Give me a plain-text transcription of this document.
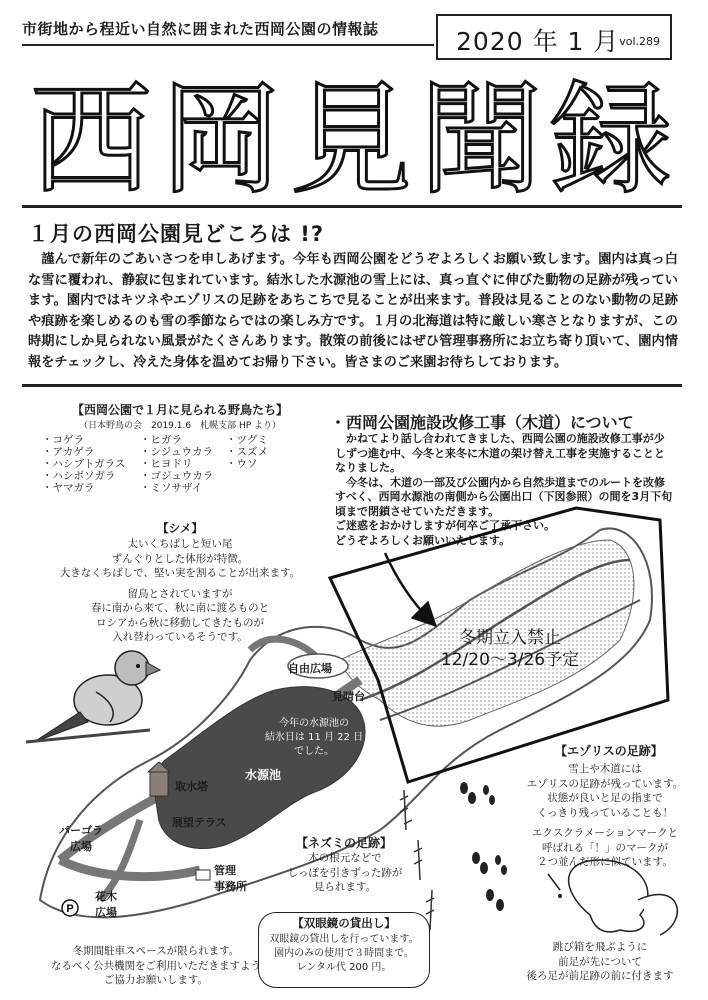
市街地から程近い自然に囲まれた西岡公園の情報誌	2020 年 1 月 vol.289
西岡見聞録
１月の西岡公園見どころは !?
謹んで新年のごあいさつを申しあげます。今年も西岡公園をどうぞよろしくお願い致します。園内は真っ白な雪に覆われ、静寂に包まれています。結氷した水源池の雪上には、真っ直ぐに伸びた動物の足跡が残っています。園内ではキツネやエゾリスの足跡をあちこちで見ることが出来ます。普段は見ることのない動物の足跡や痕跡を楽しめるのも雪の季節ならではの楽しみ方です。１月の北海道は特に厳しい寒さとなりますが、この時期にしか見られない風景がたくさんあります。散策の前後にはぜひ管理事務所にお立ち寄り頂いて、園内情報をチェックし、冷えた身体を温めてお帰り下さい。皆さまのご来園お待ちしております。
【西岡公園で１月に見られる野鳥たち】
（日本野鳥の会　2019.1.6　札幌支部 HP より）
・コゲラ
・アカゲラ
・ハシブトガラス
・ハシボソガラ
・ヤマガラ
・ヒガラ
・シジュウカラ
・ヒヨドリ
・ゴジュウカラ
・ミソサザイ
・ツグミ
・スズメ
・ウソ
・西岡公園施設改修工事（木道）について

かねてより話し合われてきました、西岡公園の施設改修工事が少しずつ進む中、今冬と来冬に木道の架け替え工事を実施することとなりました。

今冬は、木道の一部及び公園内から自然歩道までのルートを改修すべく、西岡水源池の南側から公園出口（下図参照）の間を3月下旬頃まで閉鎖させていただきます。

ご迷惑をおかけしますが何卒ご了承下さい。

どうぞよろしくお願いいたします。

P
冬期立入禁止
12/20～3/26予定
自由広場
見晴台
今年の水源池の
結氷日は 11 月 22 日
でした。
取水塔
水源池
展望テラス
パーゴラ
広場
花木
広場
管理
事務所
【シメ】
太いくちばしと短い尾
ずんぐりとした体形が特徴。
大きなくちばしで、堅い実を割ることが出来ます。
留鳥とされていますが
春に南から来て、秋に南に渡るものと
ロシアから秋に移動してきたものが
入れ替わっているそうです。
【エゾリスの足跡】
雪上や木道には
エゾリスの足跡が残っています。
状態が良いと足の指まで
くっきり残っていることも！
エクスクラメーションマークと
呼ばれる「！」のマークが
２つ並んだ形に似ています。
【ネズミの足跡】
木の根元などで
しっぽを引きずった跡が
見られます。
【双眼鏡の貸出し】
双眼鏡の貸出しを行っています。
園内のみの使用で３時間まで。
レンタル代 200 円。
冬期間駐車スペースが限られます。
なるべく公共機関をご利用いただきますよう
ご協力お願いします。
跳び箱を飛ぶように
前足が先について
後ろ足が前足跡の前に付きます
